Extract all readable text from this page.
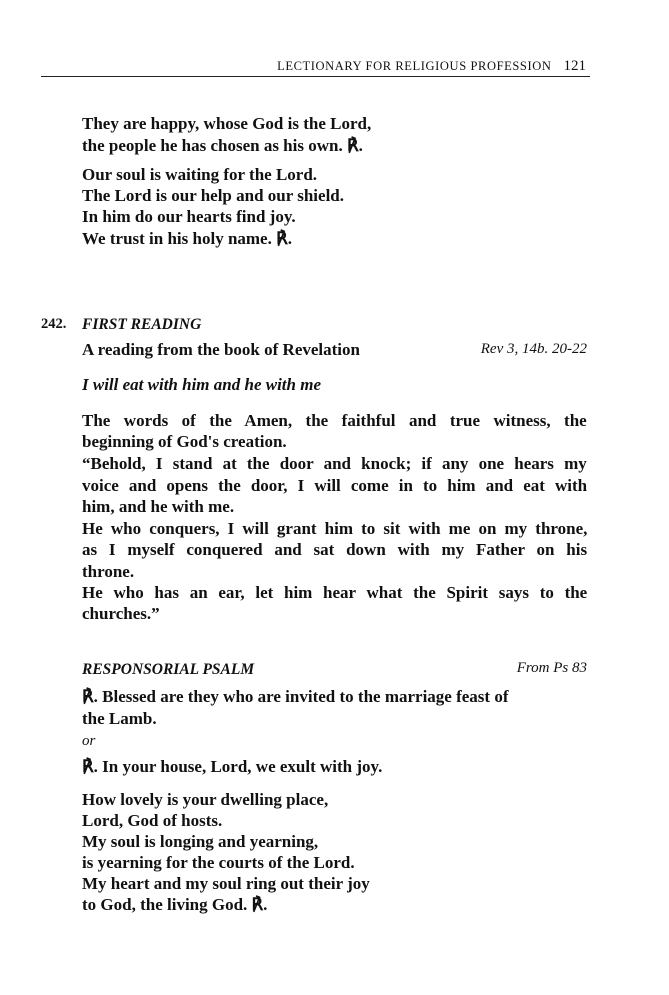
LECTIONARY FOR RELIGIOUS PROFESSION 121
They are happy, whose God is the Lord,
the people he has chosen as his own. ℟.
Our soul is waiting for the Lord.
The Lord is our help and our shield.
In him do our hearts find joy.
We trust in his holy name. ℟.
242. FIRST READING
A reading from the book of Revelation	Rev 3, 14b. 20-22
I will eat with him and he with me
The words of the Amen, the faithful and true witness, the
beginning of God's creation.
“Behold, I stand at the door and knock; if any one hears my
voice and opens the door, I will come in to him and eat with
him, and he with me.
He who conquers, I will grant him to sit with me on my throne,
as I myself conquered and sat down with my Father on his
throne.
He who has an ear, let him hear what the Spirit says to the
churches.”
RESPONSORIAL PSALM	From Ps 83
℟. Blessed are they who are invited to the marriage feast of
the Lamb.
or
℟. In your house, Lord, we exult with joy.
How lovely is your dwelling place,
Lord, God of hosts.
My soul is longing and yearning,
is yearning for the courts of the Lord.
My heart and my soul ring out their joy
to God, the living God. ℟.
